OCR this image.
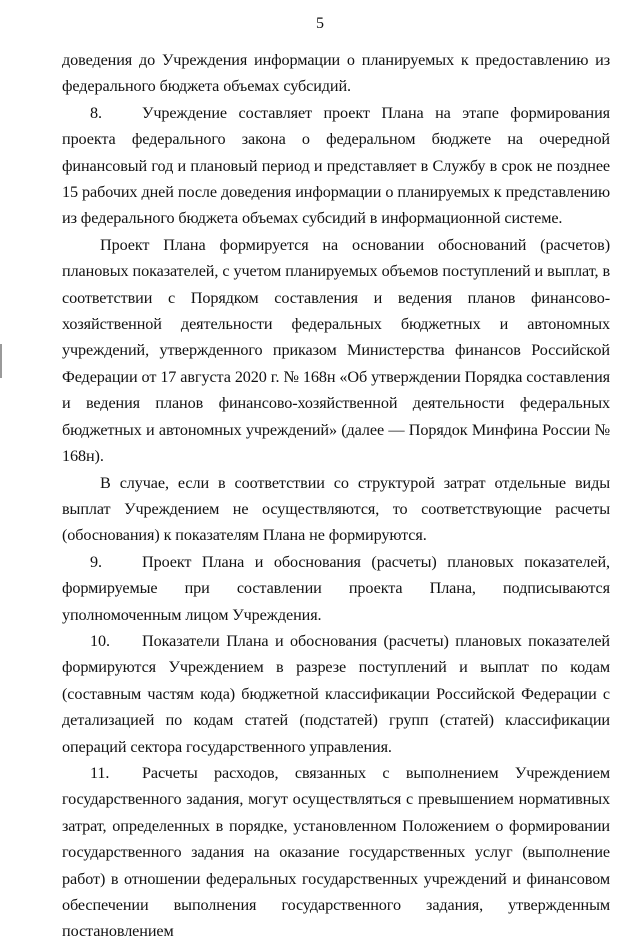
5

доведения до Учреждения информации о планируемых к предоставлению из федерального бюджета объемах субсидий.

8. Учреждение составляет проект Плана на этапе формирования проекта федерального закона о федеральном бюджете на очередной финансовый год и плановый период и представляет в Службу в срок не позднее 15 рабочих дней после доведения информации о планируемых к представлению из федерального бюджета объемах субсидий в информационной системе.

Проект Плана формируется на основании обоснований (расчетов) плановых показателей, с учетом планируемых объемов поступлений и выплат, в соответствии с Порядком составления и ведения планов финансово-хозяйственной деятельности федеральных бюджетных и автономных учреждений, утвержденного приказом Министерства финансов Российской Федерации от 17 августа 2020 г. № 168н «Об утверждении Порядка составления и ведения планов финансово-хозяйственной деятельности федеральных бюджетных и автономных учреждений» (далее — Порядок Минфина России № 168н).

В случае, если в соответствии со структурой затрат отдельные виды выплат Учреждением не осуществляются, то соответствующие расчеты (обоснования) к показателям Плана не формируются.

9. Проект Плана и обоснования (расчеты) плановых показателей, формируемые при составлении проекта Плана, подписываются уполномоченным лицом Учреждения.

10. Показатели Плана и обоснования (расчеты) плановых показателей формируются Учреждением в разрезе поступлений и выплат по кодам (составным частям кода) бюджетной классификации Российской Федерации с детализацией по кодам статей (подстатей) групп (статей) классификации операций сектора государственного управления.

11. Расчеты расходов, связанных с выполнением Учреждением государственного задания, могут осуществляться с превышением нормативных затрат, определенных в порядке, установленном Положением о формировании государственного задания на оказание государственных услуг (выполнение работ) в отношении федеральных государственных учреждений и финансовом обеспечении выполнения государственного задания, утвержденным постановлением
